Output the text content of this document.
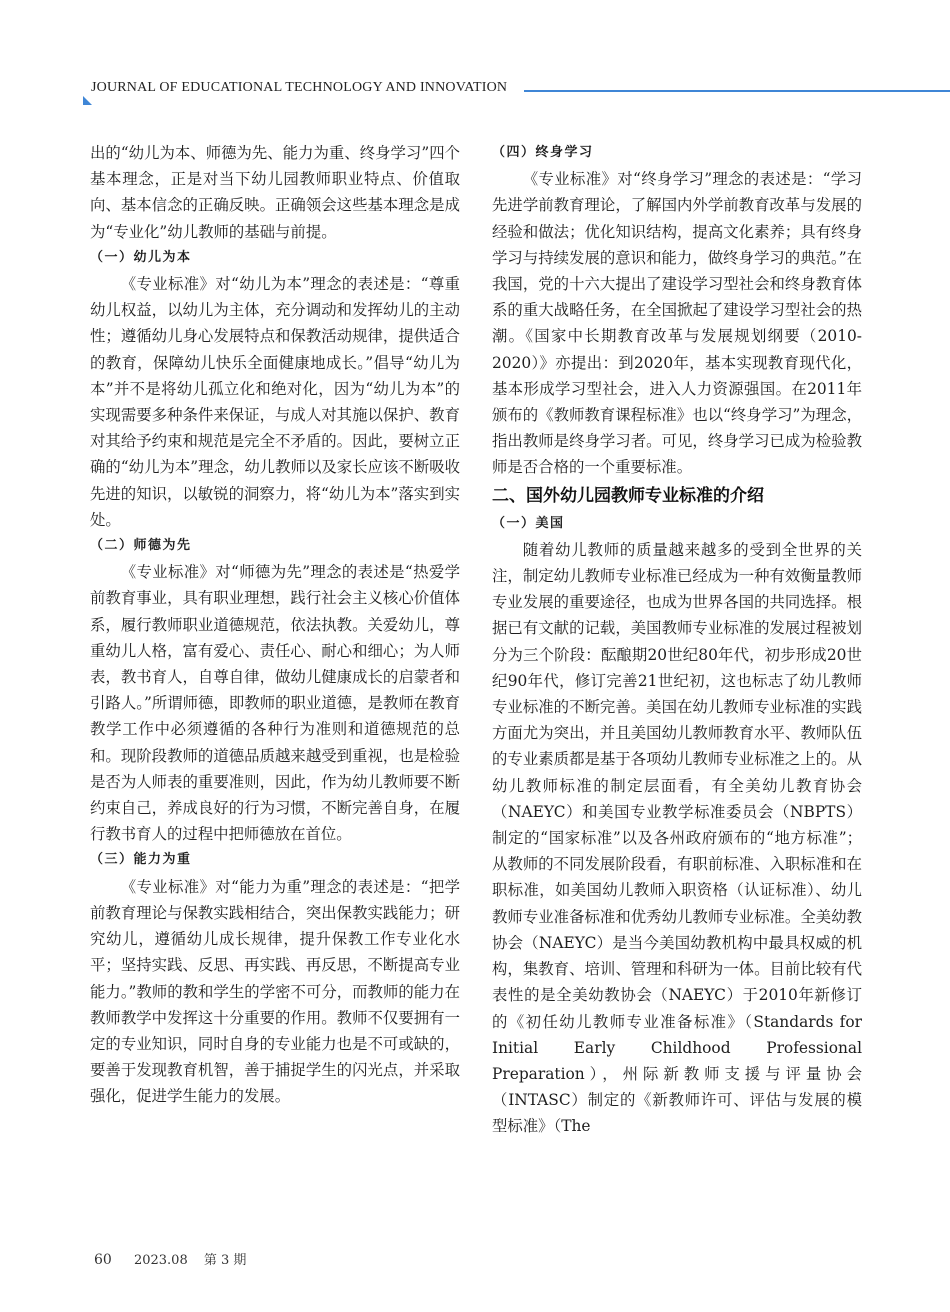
JOURNAL OF EDUCATIONAL TECHNOLOGY AND INNOVATION

出的“幼儿为本、师德为先、能力为重、终身学习”四个基本理念，正是对当下幼儿园教师职业特点、价值取向、基本信念的正确反映。正确领会这些基本理念是成为“专业化”幼儿教师的基础与前提。

（一）幼儿为本

《专业标准》对“幼儿为本”理念的表述是：“尊重幼儿权益，以幼儿为主体，充分调动和发挥幼儿的主动性；遵循幼儿身心发展特点和保教活动规律，提供适合的教育，保障幼儿快乐全面健康地成长。”倡导“幼儿为本”并不是将幼儿孤立化和绝对化，因为“幼儿为本”的实现需要多种条件来保证，与成人对其施以保护、教育对其给予约束和规范是完全不矛盾的。因此，要树立正确的“幼儿为本”理念，幼儿教师以及家长应该不断吸收先进的知识，以敏锐的洞察力，将“幼儿为本”落实到实处。

（二）师德为先

《专业标准》对“师德为先”理念的表述是“热爱学前教育事业，具有职业理想，践行社会主义核心价值体系，履行教师职业道德规范，依法执教。关爱幼儿，尊重幼儿人格，富有爱心、责任心、耐心和细心；为人师表，教书育人，自尊自律，做幼儿健康成长的启蒙者和引路人。”所谓师德，即教师的职业道德，是教师在教育教学工作中必须遵循的各种行为准则和道德规范的总和。现阶段教师的道德品质越来越受到重视，也是检验是否为人师表的重要准则，因此，作为幼儿教师要不断约束自己，养成良好的行为习惯，不断完善自身，在履行教书育人的过程中把师德放在首位。

（三）能力为重

《专业标准》对“能力为重”理念的表述是：“把学前教育理论与保教实践相结合，突出保教实践能力；研究幼儿，遵循幼儿成长规律，提升保教工作专业化水平；坚持实践、反思、再实践、再反思，不断提高专业能力。”教师的教和学生的学密不可分，而教师的能力在教师教学中发挥这十分重要的作用。教师不仅要拥有一定的专业知识，同时自身的专业能力也是不可或缺的，要善于发现教育机智，善于捕捉学生的闪光点，并采取强化，促进学生能力的发展。

（四）终身学习

《专业标准》对“终身学习”理念的表述是：“学习先进学前教育理论，了解国内外学前教育改革与发展的经验和做法；优化知识结构，提高文化素养；具有终身学习与持续发展的意识和能力，做终身学习的典范。”在我国，党的十六大提出了建设学习型社会和终身教育体系的重大战略任务，在全国掀起了建设学习型社会的热潮。《国家中长期教育改革与发展规划纲要（2010-2020）》亦提出：到2020年，基本实现教育现代化，基本形成学习型社会，进入人力资源强国。在2011年颁布的《教师教育课程标准》也以“终身学习”为理念，指出教师是终身学习者。可见，终身学习已成为检验教师是否合格的一个重要标准。

二、国外幼儿园教师专业标准的介绍

（一）美国

随着幼儿教师的质量越来越多的受到全世界的关注，制定幼儿教师专业标准已经成为一种有效衡量教师专业发展的重要途径，也成为世界各国的共同选择。根据已有文献的记载，美国教师专业标准的发展过程被划分为三个阶段：酝酿期20世纪80年代，初步形成20世纪90年代，修订完善21世纪初，这也标志了幼儿教师专业标准的不断完善。美国在幼儿教师专业标准的实践方面尤为突出，并且美国幼儿教师教育水平、教师队伍的专业素质都是基于各项幼儿教师专业标准之上的。从幼儿教师标准的制定层面看，有全美幼儿教育协会（NAEYC）和美国专业教学标准委员会（NBPTS）制定的“国家标准”以及各州政府颁布的“地方标准”；从教师的不同发展阶段看，有职前标准、入职标准和在职标准，如美国幼儿教师入职资格（认证标准）、幼儿教师专业准备标准和优秀幼儿教师专业标准。全美幼教协会（NAEYC）是当今美国幼教机构中最具权威的机构，集教育、培训、管理和科研为一体。目前比较有代表性的是全美幼教协会（NAEYC）于2010年新修订的《初任幼儿教师专业准备标准》（Standards for Initial Early Childhood Professional Preparation），州际新教师支援与评量协会（INTASC）制定的《新教师许可、评估与发展的模型标准》（The

60 2023.08 第 3 期
